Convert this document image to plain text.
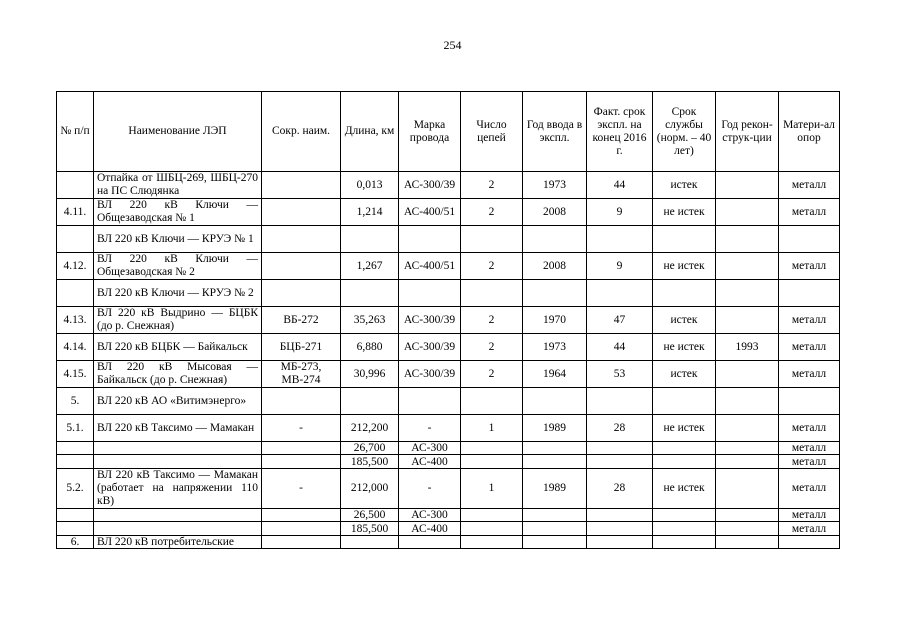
254
№ п/п	Наименование ЛЭП	Сокр. наим.	Длина, км	Марка провода	Число цепей	Год ввода в экспл.	Факт. срок экспл. на конец 2016 г.	Срок службы (норм. – 40 лет)	Год рекон-струк-ции	Матери-ал опор
	Отпайка от ШБЦ-269, ШБЦ-270 на ПС Слюдянка		0,013	АС-300/39	2	1973	44	истек		металл
4.11.	ВЛ 220 кВ Ключи — Общезаводская № 1		1,214	АС-400/51	2	2008	9	не истек		металл
	ВЛ 220 кВ Ключи — КРУЭ № 1									
4.12.	ВЛ 220 кВ Ключи — Общезаводская № 2		1,267	АС-400/51	2	2008	9	не истек		металл
	ВЛ 220 кВ Ключи — КРУЭ № 2									
4.13.	ВЛ 220 кВ Выдрино — БЦБК (до р. Снежная)	ВБ-272	35,263	АС-300/39	2	1970	47	истек		металл
4.14.	ВЛ 220 кВ БЦБК — Байкальск	БЦБ-271	6,880	АС-300/39	2	1973	44	не истек	1993	металл
4.15.	ВЛ 220 кВ Мысовая — Байкальск (до р. Снежная)	МБ-273, МВ-274	30,996	АС-300/39	2	1964	53	истек		металл
5.	ВЛ 220 кВ АО «Витимэнерго»									
5.1.	ВЛ 220 кВ Таксимо — Мамакан	-	212,200	-	1	1989	28	не истек		металл
			26,700	АС-300						металл
			185,500	АС-400						металл
5.2.	ВЛ 220 кВ Таксимо — Мамакан (работает на напряжении 110 кВ)	-	212,000	-	1	1989	28	не истек		металл
			26,500	АС-300						металл
			185,500	АС-400						металл
6.	ВЛ 220 кВ потребительские									
